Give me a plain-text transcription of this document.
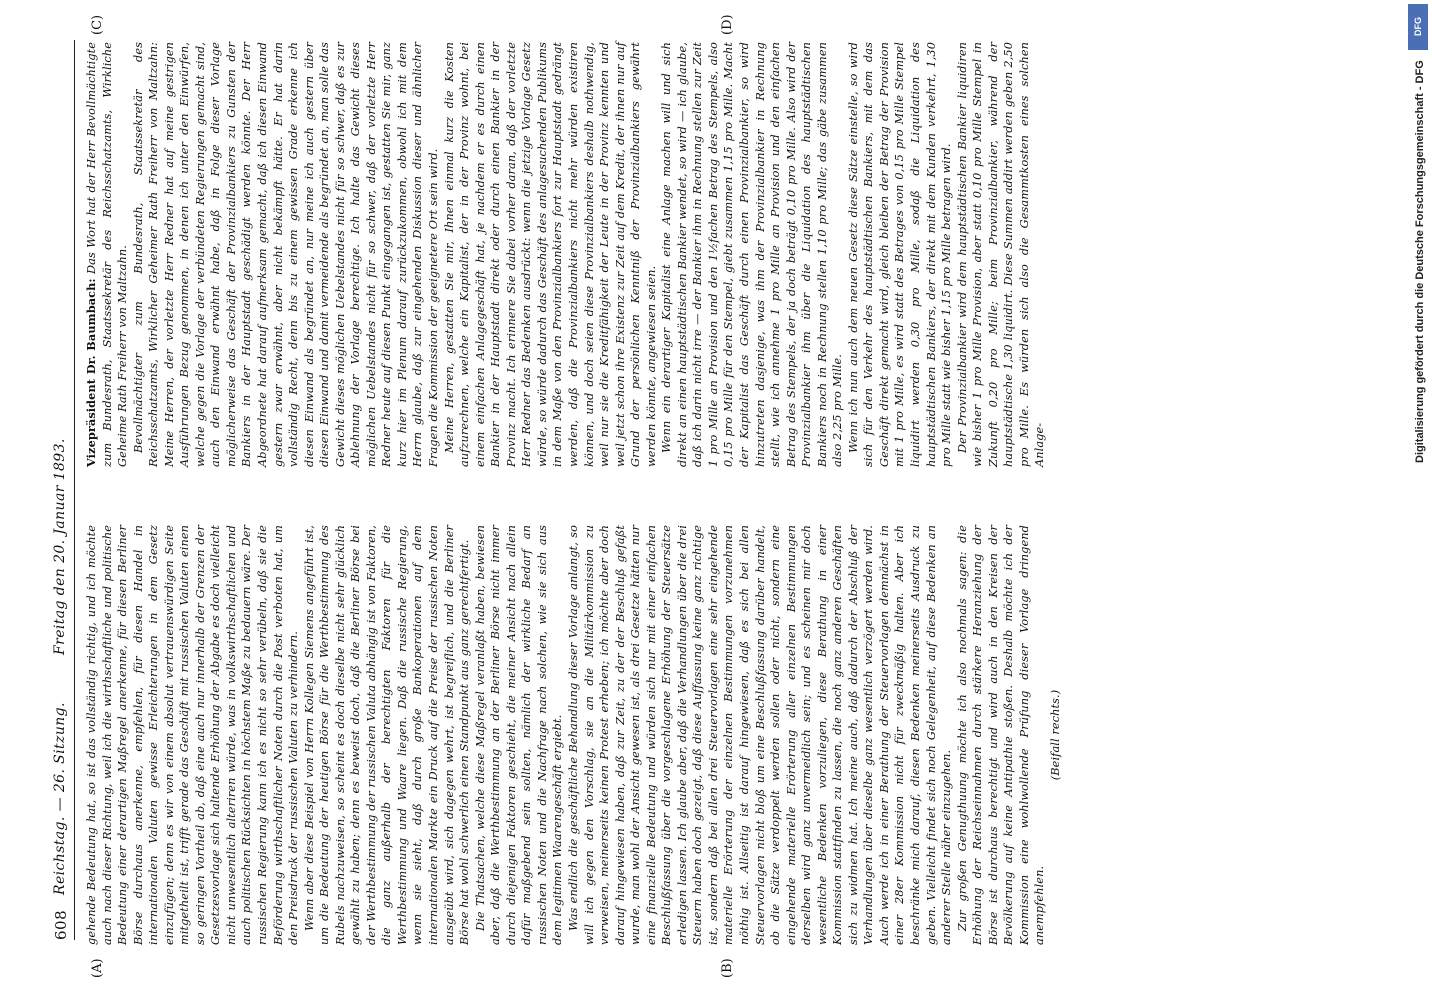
608
Reichstag. — 26. Sitzung.
Freitag den 20. Januar 1893.
(A)	(B)
(C)	(D)

gehende Bedeutung hat, so ist das vollständig richtig, und ich möchte auch nach dieser Richtung, weil ich die wirthschaftliche und politische Bedeutung einer derartigen Maßregel anerkenne, für diesen Berliner Börse durchaus anerkenne, empfehlen, für diesen Handel in internationalen Valuten gewisse Erleichterungen in dem Gesetz einzufügen; denn es wir von einem absolut vertrauenswürdigen Seite mitgetheilt ist, trifft gerade das Geschäft mit russischen Valuten einen so geringen Vortheil ab, daß eine auch nur innerhalb der Grenzen der Gesetzesvorlage sich haltende Erhöhung der Abgabe es doch vielleicht nicht unwesentlich alteriren würde, was in volkswirthschaftlichen und auch politischen Rücksichten in höchstem Maße zu bedauern wäre. Der russischen Regierung kann ich es nicht so sehr verübeln, daß sie die Beförderung wirthschaftlicher Noten durch die Post verboten hat, um den Preisdruck der russischen Valuten zu verhindern. Wenn aber diese Beispiel von Herrn Kollegen Siemens angeführt ist, um die Bedeutung der heutigen Börse für die Werthbestimmung des Rubels nachzuweisen, so scheint es doch dieselbe nicht sehr glücklich gewählt zu haben; denn es beweist doch, daß die Berliner Börse bei der Werthbestimmung der russischen Valuta abhängig ist von Faktoren, die ganz außerhalb der berechtigten Faktoren für die Werthbestimmung und Waare liegen. Daß die russische Regierung, wenn sie sieht, daß durch große Bankoperationen auf dem internationalen Markte ein Druck auf die Preise der russischen Noten ausgeübt wird, sich dagegen wehrt, ist begreiflich, und die Berliner Börse hat wohl schwerlich einen Standpunkt aus ganz gerechtfertigt. Die Thatsachen, welche diese Maßregel veranlaßt haben, bewiesen aber, daß die Werthbestimmung an der Berliner Börse nicht immer durch diejenigen Faktoren geschieht, die meiner Ansicht nach allein dafür maßgebend sein sollten, nämlich der wirkliche Bedarf an russischen Noten und die Nachfrage nach solchen, wie sie sich aus dem legitimen Waarengeschäft ergiebt. Was endlich die geschäftliche Behandlung dieser Vorlage anlangt, so will ich gegen den Vorschlag, sie an die Militärkommission zu verweisen, meinerseits keinen Protest erheben; ich möchte aber doch darauf hingewiesen haben, daß zur Zeit, zu der der Beschluß gefaßt wurde, man wohl der Ansicht gewesen ist, als drei Gesetze hätten nur eine finanzielle Bedeutung und würden sich nur mit einer einfachen Beschlußfassung über die vorgeschlagene Erhöhung der Steuersätze erledigen lassen. Ich glaube aber, daß die Verhandlungen über die drei Steuern haben doch gezeigt, daß diese Auffassung keine ganz richtige ist, sondern daß bei allen drei Steuervorlagen eine sehr eingehende materielle Erörterung der einzelnen Bestimmungen vorzunehmen nöthig ist. Allseitig ist darauf hingewiesen, daß es sich bei allen Steuervorlagen nicht bloß um eine Beschlußfassung darüber handelt, ob die Sätze verdoppelt werden sollen oder nicht, sondern eine eingehende materielle Erörterung aller einzelnen Bestimmungen derselben wird ganz unvermeidlich sein; und es scheinen mir doch wesentliche Bedenken vorzuliegen, diese Berathung in einer Kommission stattfinden zu lassen, die noch ganz anderen Geschäften sich zu widmen hat. Ich meine auch, daß dadurch der Abschluß der Verhandlungen über dieselbe ganz wesentlich verzögert werden wird. Auch werde ich in einer Berathung der Steuervorlagen demnächst in einer 28er Kommission nicht für zweckmäßig halten. Aber ich beschränke mich darauf, diesen Bedenken meinerseits Ausdruck zu geben. Vielleicht findet sich noch Gelegenheit, auf diese Bedenken an anderer Stelle näher einzugehen. Zur großen Genugthuung möchte ich also nochmals sagen: die Erhöhung der Reichseinnahmen durch stärkere Heranziehung der Börse ist durchaus berechtigt und wird auch in den Kreisen der Bevölkerung auf keine Antipathie stoßen. Deshalb möchte ich der Kommission eine wohlwollende Prüfung dieser Vorlage dringend anempfehlen.

(Beifall rechts.)

Vizepräsident Dr. Baumbach: Das Wort hat der Herr Bevollmächtigte zum Bundesrath, Staatssekretär des Reichsschatzamts, Wirkliche Geheime Rath Freiherr von Maltzahn. Bevollmächtigter zum Bundesrath, Staatssekretär des Reichsschatzamts, Wirklicher Geheimer Rath Freiherr von Maltzahn: Meine Herren, der vorletzte Herr Redner hat auf meine gestrigen Ausführungen Bezug genommen, in denen ich unter den Einwürfen, welche gegen die Vorlage der verbündeten Regierungen gemacht sind, auch den Einwand erwähnt habe, daß in Folge dieser Vorlage möglicherweise das Geschäft der Provinzialbankiers zu Gunsten der Bankiers in der Hauptstadt geschädigt werden könnte. Der Herr Abgeordnete hat darauf aufmerksam gemacht, daß ich diesen Einwand gestern zwar erwähnt, aber nicht bekämpft hätte. Er hat darin vollständig Recht, denn bis zu einem gewissen Grade erkenne ich diesen Einwand als begründet an, nur meine ich auch gestern über diesen Einwand und damit vermeidende als begründet an, man solle das Gewicht dieses möglichen Uebelstandes nicht für so schwer, daß es zur Ablehnung der Vorlage berechtige. Ich halte das Gewicht dieses möglichen Uebelstandes nicht für so schwer, daß der vorletzte Herr Redner heute auf diesen Punkt eingegangen ist, gestatten Sie mir, ganz kurz hier im Plenum darauf zurückzukommen, obwohl ich mit dem Herrn glaube, daß zur eingehenden Diskussion dieser und ähnlicher Fragen die Kommission der geeignetere Ort sein wird. Meine Herren, gestatten Sie mir, Ihnen einmal kurz die Kosten aufzurechnen, welche ein Kapitalist, der in der Provinz wohnt, bei einem einfachen Anlagegeschäft hat, je nachdem er es durch einen Bankier in der Hauptstadt direkt oder durch einen Bankier in der Provinz macht. Ich erinnere Sie dabei vorher daran, daß der vorletzte Herr Redner das Bedenken ausdrückt: wenn die jetzige Vorlage Gesetz würde, so würde dadurch das Geschäft des anlagesuchenden Publikums in dem Maße von den Provinzialbankiers fort zur Hauptstadt gedrängt werden, daß die Provinzialbankiers nicht mehr würden existiren können, und doch seien diese Provinzialbankiers deshalb nothwendig, weil nur sie die Kreditfähigkeit der Leute in der Provinz kennten und weil jetzt schon ihre Existenz zur Zeit auf dem Kredit, der ihnen nur auf Grund der persönlichen Kenntniß der Provinzialbankiers gewährt werden könnte, angewiesen seien. Wenn ein derartiger Kapitalist eine Anlage machen will und sich direkt an einen hauptstädtischen Bankier wendet, so wird — ich glaube, daß ich darin nicht irre — der Bankier ihm in Rechnung stellen zur Zeit 1 pro Mille an Provision und den 1½fachen Betrag des Stempels, also 0,15 pro Mille für den Stempel, giebt zusammen 1,15 pro Mille. Macht der Kapitalist das Geschäft durch einen Provinzialbankier, so wird hinzutreten dasjenige, was ihm der Provinzialbankier in Rechnung stellt, wie ich annehme 1 pro Mille an Provision und den einfachen Betrag des Stempels, der ja doch beträgt 0,10 pro Mille. Also wird der Provinzialbankier ihm über die Liquidation des hauptstädtischen Bankiers noch in Rechnung stellen 1,10 pro Mille; das gäbe zusammen also 2,25 pro Mille. Wenn ich nun auch dem neuen Gesetz diese Sätze einstelle, so wird sich für den Verkehr des hauptstädtischen Bankiers, mit dem das Geschäft direkt gemacht wird, gleich bleiben der Betrag der Provision mit 1 pro Mille, es wird statt des Betrages von 0,15 pro Mille Stempel liquidirt werden 0,30 pro Mille, sodaß die Liquidation des hauptstädtischen Bankiers, der direkt mit dem Kunden verkehrt, 1,30 pro Mille statt wie bisher 1,15 pro Mille betragen wird. Der Provinzialbankier wird dem hauptstädtischen Bankier liquidiren wie bisher 1 pro Mille Provision, aber statt 0,10 pro Mille Stempel in Zukunft 0,20 pro Mille; beim Provinzialbankier, während der hauptstädtische 1,30 liquidirt. Diese Summen addirt werden geben 2,50 pro Mille. Es würden sich also die Gesammtkosten eines solchen Anlage-

DFG
Digitalisierung gefördert durch die Deutsche Forschungsgemeinschaft - DFG
